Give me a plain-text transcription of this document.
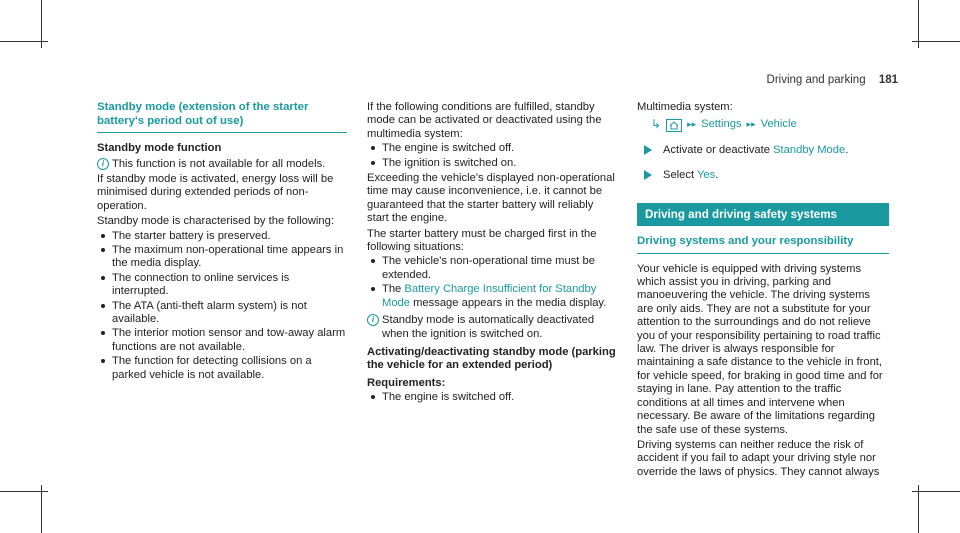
Driving and parking 181
Standby mode (extension of the starter battery's period out of use)

Standby mode function

i This function is not available for all models.

If standby mode is activated, energy loss will be minimised during extended periods of non-operation.

Standby mode is characterised by the following:

The starter battery is preserved.
The maximum non-operational time appears in the media display.
The connection to online services is interrupted.
The ATA (anti-theft alarm system) is not available.
The interior motion sensor and tow-away alarm functions are not available.
The function for detecting collisions on a parked vehicle is not available.

If the following conditions are fulfilled, standby mode can be activated or deactivated using the multimedia system:

The engine is switched off.
The ignition is switched on.

Exceeding the vehicle's displayed non-operational time may cause inconvenience, i.e. it cannot be guaranteed that the starter battery will reliably start the engine.

The starter battery must be charged first in the following situations:

The vehicle's non-operational time must be extended.
The Battery Charge Insufficient for Standby Mode message appears in the media display.
i Standby mode is automatically deactivated when the ignition is switched on.

Activating/deactivating standby mode (parking the vehicle for an extended period)

Requirements:

The engine is switched off.

Multimedia system:

↳	▸▸ Settings ▸▸ Vehicle
Activate or deactivate Standby Mode.
Select Yes.
Driving and driving safety systems
Driving systems and your responsibility

Your vehicle is equipped with driving systems which assist you in driving, parking and manoeuvering the vehicle. The driving systems are only aids. They are not a substitute for your attention to the surroundings and do not relieve you of your responsibility pertaining to road traffic law. The driver is always responsible for maintaining a safe distance to the vehicle in front, for vehicle speed, for braking in good time and for staying in lane. Pay attention to the traffic conditions at all times and intervene when necessary. Be aware of the limitations regarding the safe use of these systems.

Driving systems can neither reduce the risk of accident if you fail to adapt your driving style nor override the laws of physics. They cannot always
